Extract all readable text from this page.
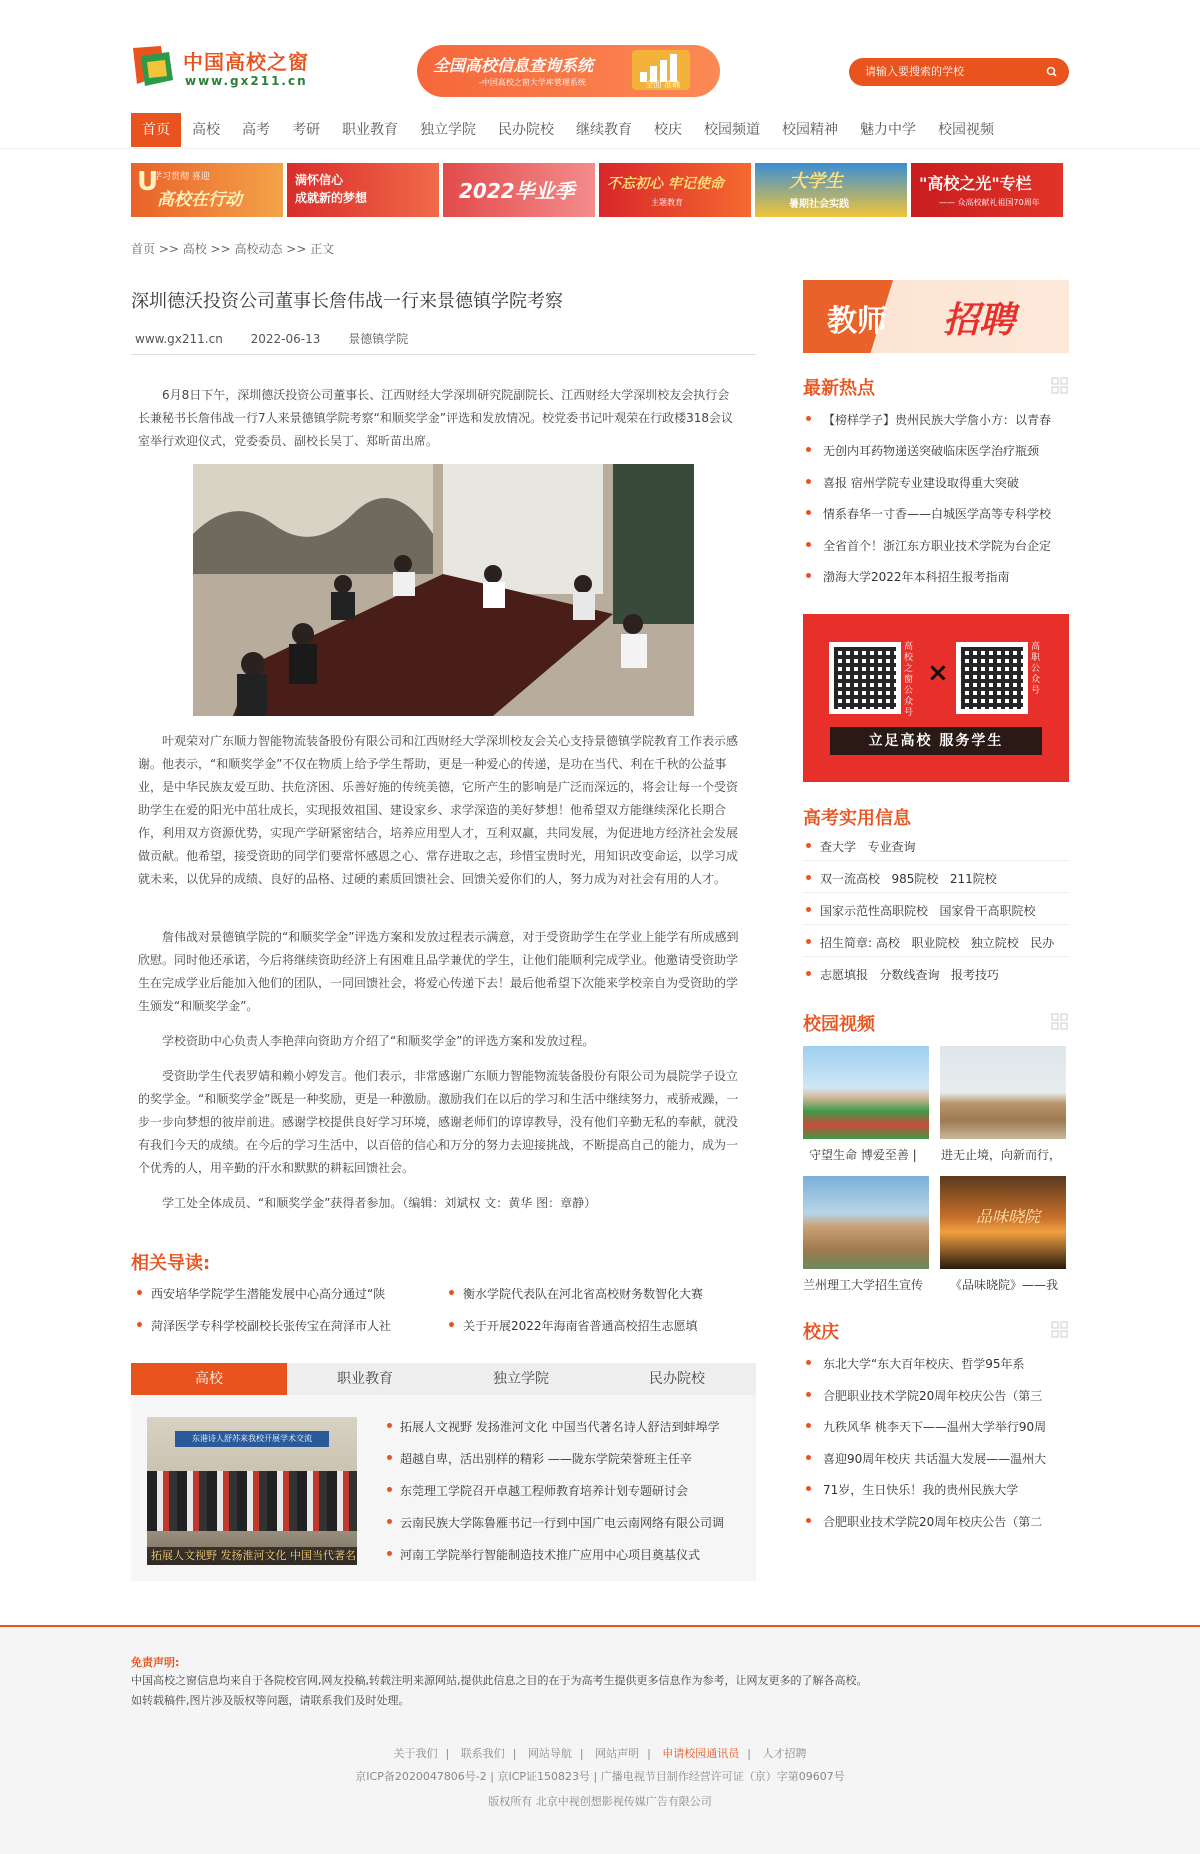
中国高校之窗
www.gx211.cn
全国高校信息查询系统
-中国高校之窗大学库管理系统	全面 准确
请输入要搜索的学校
首页	高校	高考	考研	职业教育	独立学院	民办院校	继续教育	校庆	校园频道	校园精神	魅力中学	校园视频
U
学习贯彻 喜迎
高校在行动
满怀信心
成就新的梦想	2022毕业季 不忘初心 牢记使命
主题教育
大学生
暑期社会实践
"高校之光"专栏
—— 众高校献礼祖国70周年
首页 >> 高校 >> 高校动态 >> 正文
深圳德沃投资公司董事长詹伟战一行来景德镇学院考察
www.gx211.cn 2022-06-13 景德镇学院

6月8日下午，深圳德沃投资公司董事长、江西财经大学深圳研究院副院长、江西财经大学深圳校友会执行会长兼秘书长詹伟战一行7人来景德镇学院考察“和顺奖学金”评选和发放情况。校党委书记叶观荣在行政楼318会议室举行欢迎仪式，党委委员、副校长吴丁、郑昕苗出席。

叶观荣对广东顺力智能物流装备股份有限公司和江西财经大学深圳校友会关心支持景德镇学院教育工作表示感谢。他表示，“和顺奖学金”不仅在物质上给予学生帮助，更是一种爱心的传递，是功在当代、利在千秋的公益事业，是中华民族友爱互助、扶危济困、乐善好施的传统美德，它所产生的影响是广泛而深远的，将会让每一个受资助学生在爱的阳光中茁壮成长，实现报效祖国、建设家乡、求学深造的美好梦想！他希望双方能继续深化长期合作，利用双方资源优势，实现产学研紧密结合，培养应用型人才，互利双赢，共同发展，为促进地方经济社会发展做贡献。他希望，接受资助的同学们要常怀感恩之心、常存进取之志，珍惜宝贵时光，用知识改变命运，以学习成就未来，以优异的成绩、良好的品格、过硬的素质回馈社会、回馈关爱你们的人，努力成为对社会有用的人才。

詹伟战对景德镇学院的“和顺奖学金”评选方案和发放过程表示满意，对于受资助学生在学业上能学有所成感到欣慰。同时他还承诺，今后将继续资助经济上有困难且品学兼优的学生，让他们能顺利完成学业。他邀请受资助学生在完成学业后能加入他们的团队，一同回馈社会，将爱心传递下去！最后他希望下次能来学校亲自为受资助的学生颁发“和顺奖学金”。

学校资助中心负责人李艳萍向资助方介绍了“和顺奖学金”的评选方案和发放过程。

受资助学生代表罗婧和赖小婷发言。他们表示，非常感谢广东顺力智能物流装备股份有限公司为晨院学子设立的奖学金。“和顺奖学金”既是一种奖励，更是一种激励。激励我们在以后的学习和生活中继续努力，戒骄戒躁，一步一步向梦想的彼岸前进。感谢学校提供良好学习环境，感谢老师们的谆谆教导，没有他们辛勤无私的奉献，就没有我们今天的成绩。在今后的学习生活中，以百倍的信心和万分的努力去迎接挑战，不断提高自己的能力，成为一个优秀的人，用辛勤的汗水和默默的耕耘回馈社会。

学工处全体成员、“和顺奖学金”获得者参加。（编辑：刘斌权 文：黄华 图：章静）

相关导读:
西安培华学院学生潜能发展中心高分通过“陕	衡水学院代表队在河北省高校财务数智化大赛
菏泽医学专科学校副校长张传宝在菏泽市人社	关于开展2022年海南省普通高校招生志愿填
高校	职业教育	独立学院	民办院校
东港诗人舒苏来我校开展学术交流
拓展人文视野 发扬淮河文化 中国当代著名
拓展人文视野 发扬淮河文化 中国当代著名诗人舒洁到蚌埠学
超越自卑，活出别样的精彩 ——陇东学院荣誉班主任辛
东莞理工学院召开卓越工程师教育培养计划专题研讨会
云南民族大学陈鲁雁书记一行到中国广电云南网络有限公司调
河南工学院举行智能制造技术推广应用中心项目奠基仪式
教师 招聘
最新热点
【榜样学子】贵州民族大学詹小方：以青春
无创内耳药物递送突破临床医学治疗瓶颈
喜报 宿州学院专业建设取得重大突破
情系春华一寸香——白城医学高等专科学校
全省首个！浙江东方职业技术学院为台企定
渤海大学2022年本科招生报考指南
高校之窗公众号
×
高职公众号
立足高校 服务学生
高考实用信息
查大学 专业查询
双一流高校 985院校 211院校
国家示范性高职院校 国家骨干高职院校
招生简章: 高校 职业院校 独立院校 民办
志愿填报 分数线查询 报考技巧
校园视频
守望生命 博爱至善 |	进无止境，向新而行，
兰州理工大学招生宣传
品味晓院
《品味晓院》——我
校庆
东北大学“东大百年校庆、哲学95年系
合肥职业技术学院20周年校庆公告（第三
九秩风华 桃李天下——温州大学举行90周
喜迎90周年校庆 共话温大发展——温州大
71岁，生日快乐！我的贵州民族大学
合肥职业技术学院20周年校庆公告（第二
免责声明:
中国高校之窗信息均来自于各院校官网,网友投稿,转载注明来源网站,提供此信息之目的在于为高考生提供更多信息作为参考，让网友更多的了解各高校。
如转载稿件,图片涉及版权等问题，请联系我们及时处理。
关于我们 | 联系我们 | 网站导航 | 网站声明 | 申请校园通讯员 | 人才招聘
京ICP备2020047806号-2 | 京ICP证150823号 | 广播电视节目制作经营许可证（京）字第09607号
版权所有 北京中视创想影视传媒广告有限公司
